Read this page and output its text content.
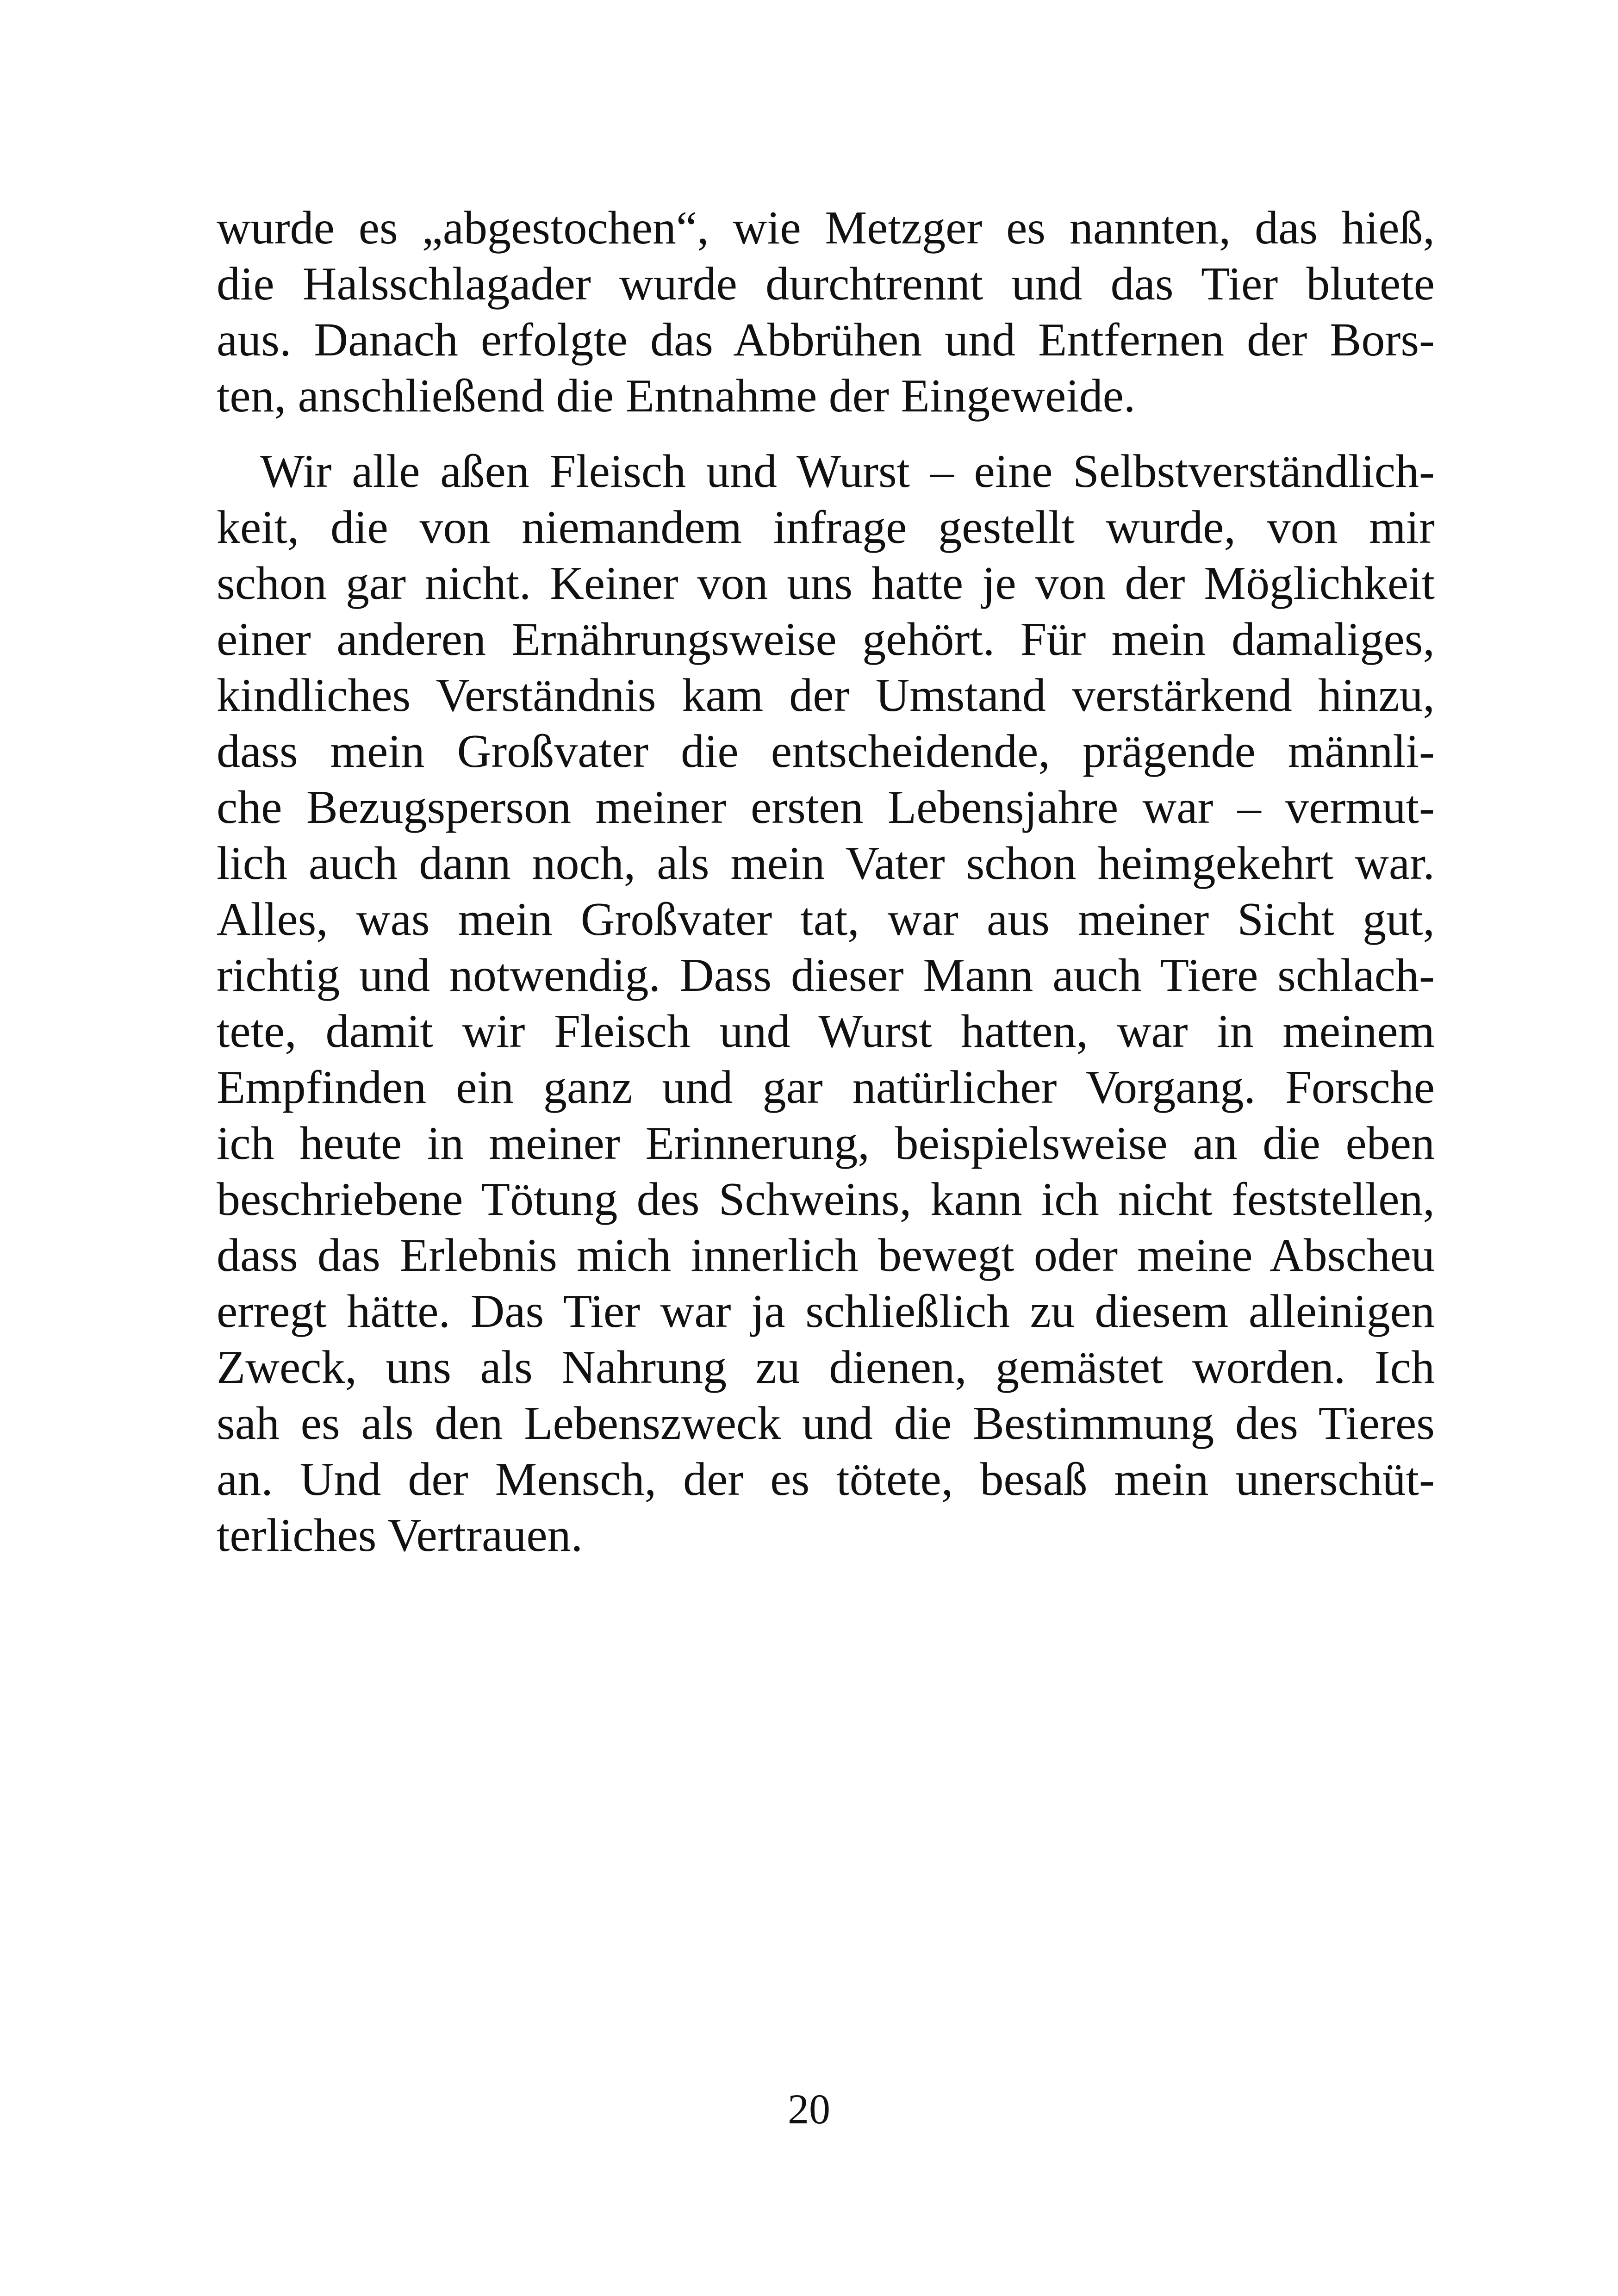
wurde es „abgestochen“, wie Metzger es nannten, das hieß,
die Halsschlagader wurde durchtrennt und das Tier blutete
aus. Danach erfolgte das Abbrühen und Entfernen der Bors-
ten, anschließend die Entnahme der Eingeweide.

Wir alle aßen Fleisch und Wurst – eine Selbstverständlich-
keit, die von niemandem infrage gestellt wurde, von mir
schon gar nicht. Keiner von uns hatte je von der Möglichkeit
einer anderen Ernährungsweise gehört. Für mein damaliges,
kindliches Verständnis kam der Umstand verstärkend hinzu,
dass mein Großvater die entscheidende, prägende männli-
che Bezugsperson meiner ersten Lebensjahre war – vermut-
lich auch dann noch, als mein Vater schon heimgekehrt war.
Alles, was mein Großvater tat, war aus meiner Sicht gut,
richtig und notwendig. Dass dieser Mann auch Tiere schlach-
tete, damit wir Fleisch und Wurst hatten, war in meinem
Empfinden ein ganz und gar natürlicher Vorgang. Forsche
ich heute in meiner Erinnerung, beispielsweise an die eben
beschriebene Tötung des Schweins, kann ich nicht feststellen,
dass das Erlebnis mich innerlich bewegt oder meine Abscheu
erregt hätte. Das Tier war ja schließlich zu diesem alleinigen
Zweck, uns als Nahrung zu dienen, gemästet worden. Ich
sah es als den Lebenszweck und die Bestimmung des Tieres
an. Und der Mensch, der es tötete, besaß mein unerschüt-
terliches Vertrauen.

20
